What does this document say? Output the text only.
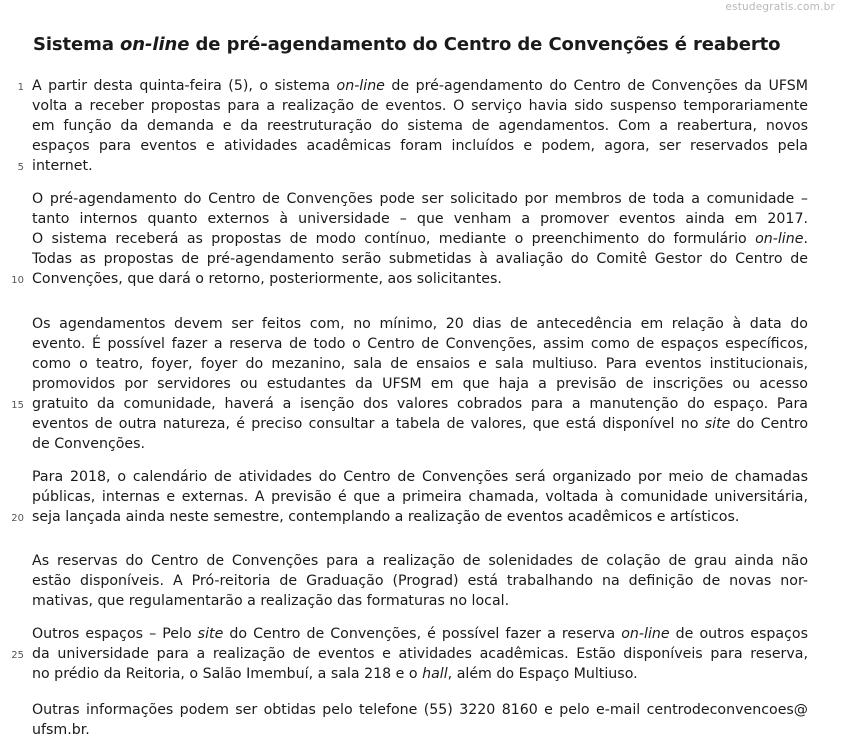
estudegratis.com.br
Sistema on-line de pré-agendamento do Centro de Convenções é reaberto
A partir desta quinta-feira (5), o sistema on-line de pré-agendamento do Centro de Convenções da UFSM
1
volta a receber propostas para a realização de eventos. O serviço havia sido suspenso temporariamente
em função da demanda e da reestruturação do sistema de agendamentos. Com a reabertura, novos
espaços para eventos e atividades acadêmicas foram incluídos e podem, agora, ser reservados pela
internet.
5
O pré-agendamento do Centro de Convenções pode ser solicitado por membros de toda a comunidade –
tanto internos quanto externos à universidade – que venham a promover eventos ainda em 2017.
O sistema receberá as propostas de modo contínuo, mediante o preenchimento do formulário on-line.
Todas as propostas de pré-agendamento serão submetidas à avaliação do Comitê Gestor do Centro de
Convenções, que dará o retorno, posteriormente, aos solicitantes.
10
Os agendamentos devem ser feitos com, no mínimo, 20 dias de antecedência em relação à data do
evento. É possível fazer a reserva de todo o Centro de Convenções, assim como de espaços específicos,
como o teatro, foyer, foyer do mezanino, sala de ensaios e sala multiuso. Para eventos institucionais,
promovidos por servidores ou estudantes da UFSM em que haja a previsão de inscrições ou acesso
gratuito da comunidade, haverá a isenção dos valores cobrados para a manutenção do espaço. Para
15
eventos de outra natureza, é preciso consultar a tabela de valores, que está disponível no site do Centro
de Convenções.
Para 2018, o calendário de atividades do Centro de Convenções será organizado por meio de chamadas
públicas, internas e externas. A previsão é que a primeira chamada, voltada à comunidade universitária,
seja lançada ainda neste semestre, contemplando a realização de eventos acadêmicos e artísticos.
20
As reservas do Centro de Convenções para a realização de solenidades de colação de grau ainda não
estão disponíveis. A Pró-reitoria de Graduação (Prograd) está trabalhando na definição de novas nor-
mativas, que regulamentarão a realização das formaturas no local.
Outros espaços – Pelo site do Centro de Convenções, é possível fazer a reserva on-line de outros espaços
da universidade para a realização de eventos e atividades acadêmicas. Estão disponíveis para reserva,
25
no prédio da Reitoria, o Salão Imembuí, a sala 218 e o hall, além do Espaço Multiuso.
Outras informações podem ser obtidas pelo telefone (55) 3220 8160 e pelo e-mail centrodeconvencoes@
ufsm.br.
